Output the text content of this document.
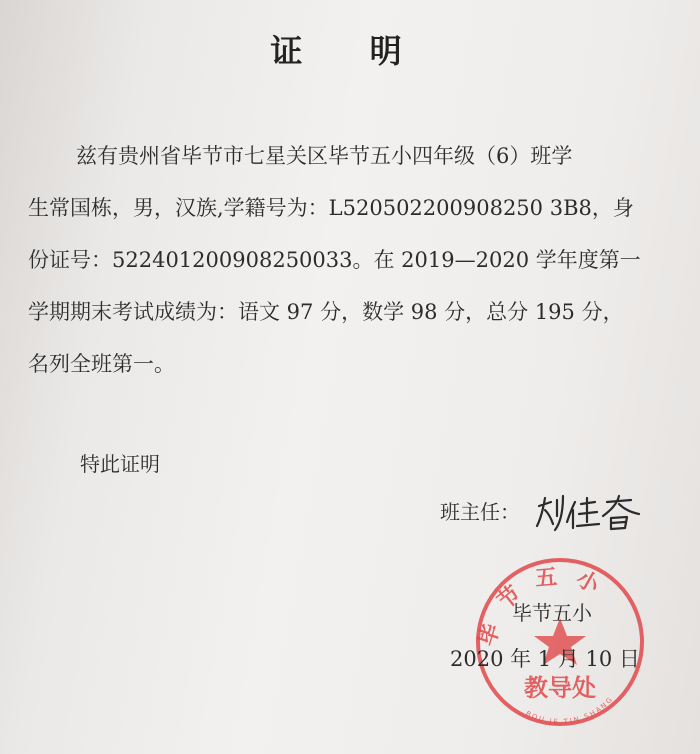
证 明
兹有贵州省毕节市七星关区毕节五小四年级（6）班学
生常国栋，男，汉族,学籍号为：L520502200908250 3B8，身
份证号：522401200908250033。在 2019—2020 学年度第一
学期期末考试成绩为：语文 97 分，数学 98 分，总分 195 分，
名列全班第一。
特此证明
班主任：
毕节五小
教导处
BOU JE TIN SHANG
毕节五小
2020 年 1 月 10 日
